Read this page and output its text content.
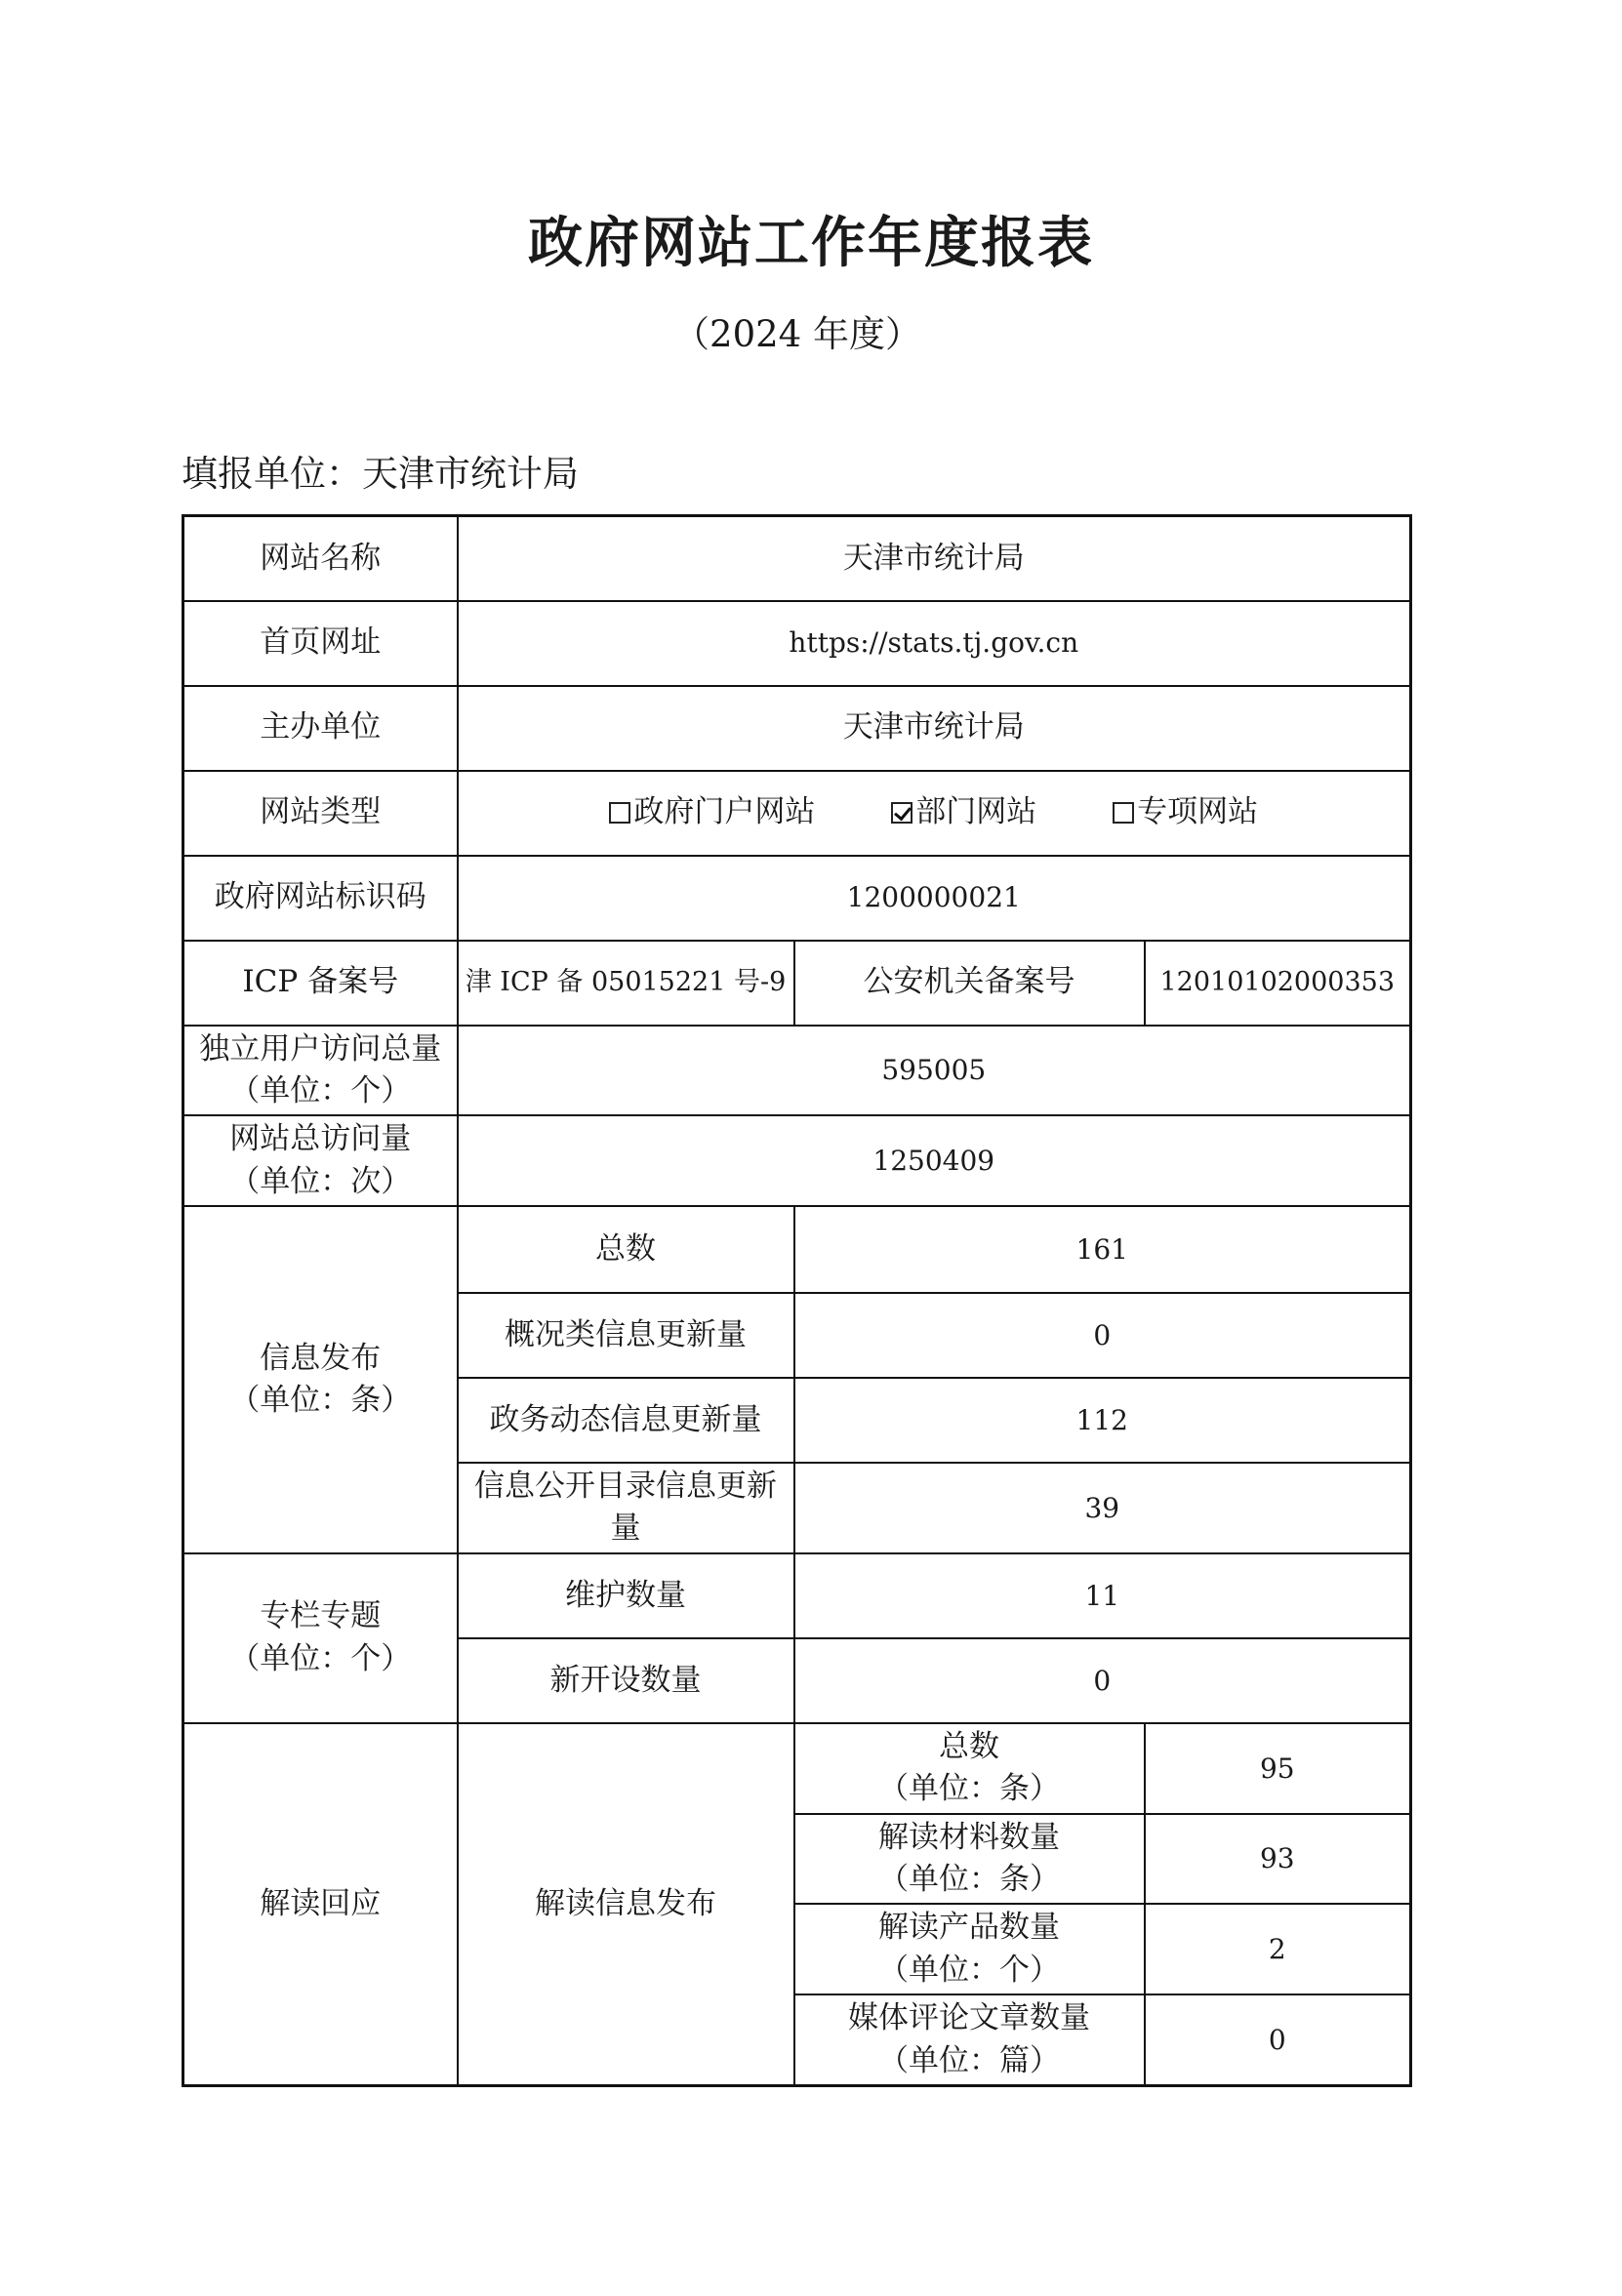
政府网站工作年度报表
（2024 年度）
填报单位：天津市统计局
网站名称	天津市统计局		
首页网址	https://stats.tj.gov.cn		
主办单位	天津市统计局		
网站类型	政府门户网站 部门网站 专项网站		
政府网站标识码	1200000021		
ICP 备案号	津 ICP 备 05015221 号-9	公安机关备案号	12010102000353
独立用户访问总量（单位：个）	595005		

网站总访问量
（单位：次）	1250409		

信息发布
（单位：条）	总数	161	
	概况类信息更新量	0	
	政务动态信息更新量	112	
	信息公开目录信息更新量	39	

专栏专题
（单位：个）	维护数量	11	
	新开设数量	0	
解读回应	解读信息发布	总数
（单位：条）	95

		解读材料数量
（单位：条）	93

		解读产品数量
（单位：个）	2

		媒体评论文章数量
（单位：篇）	0
